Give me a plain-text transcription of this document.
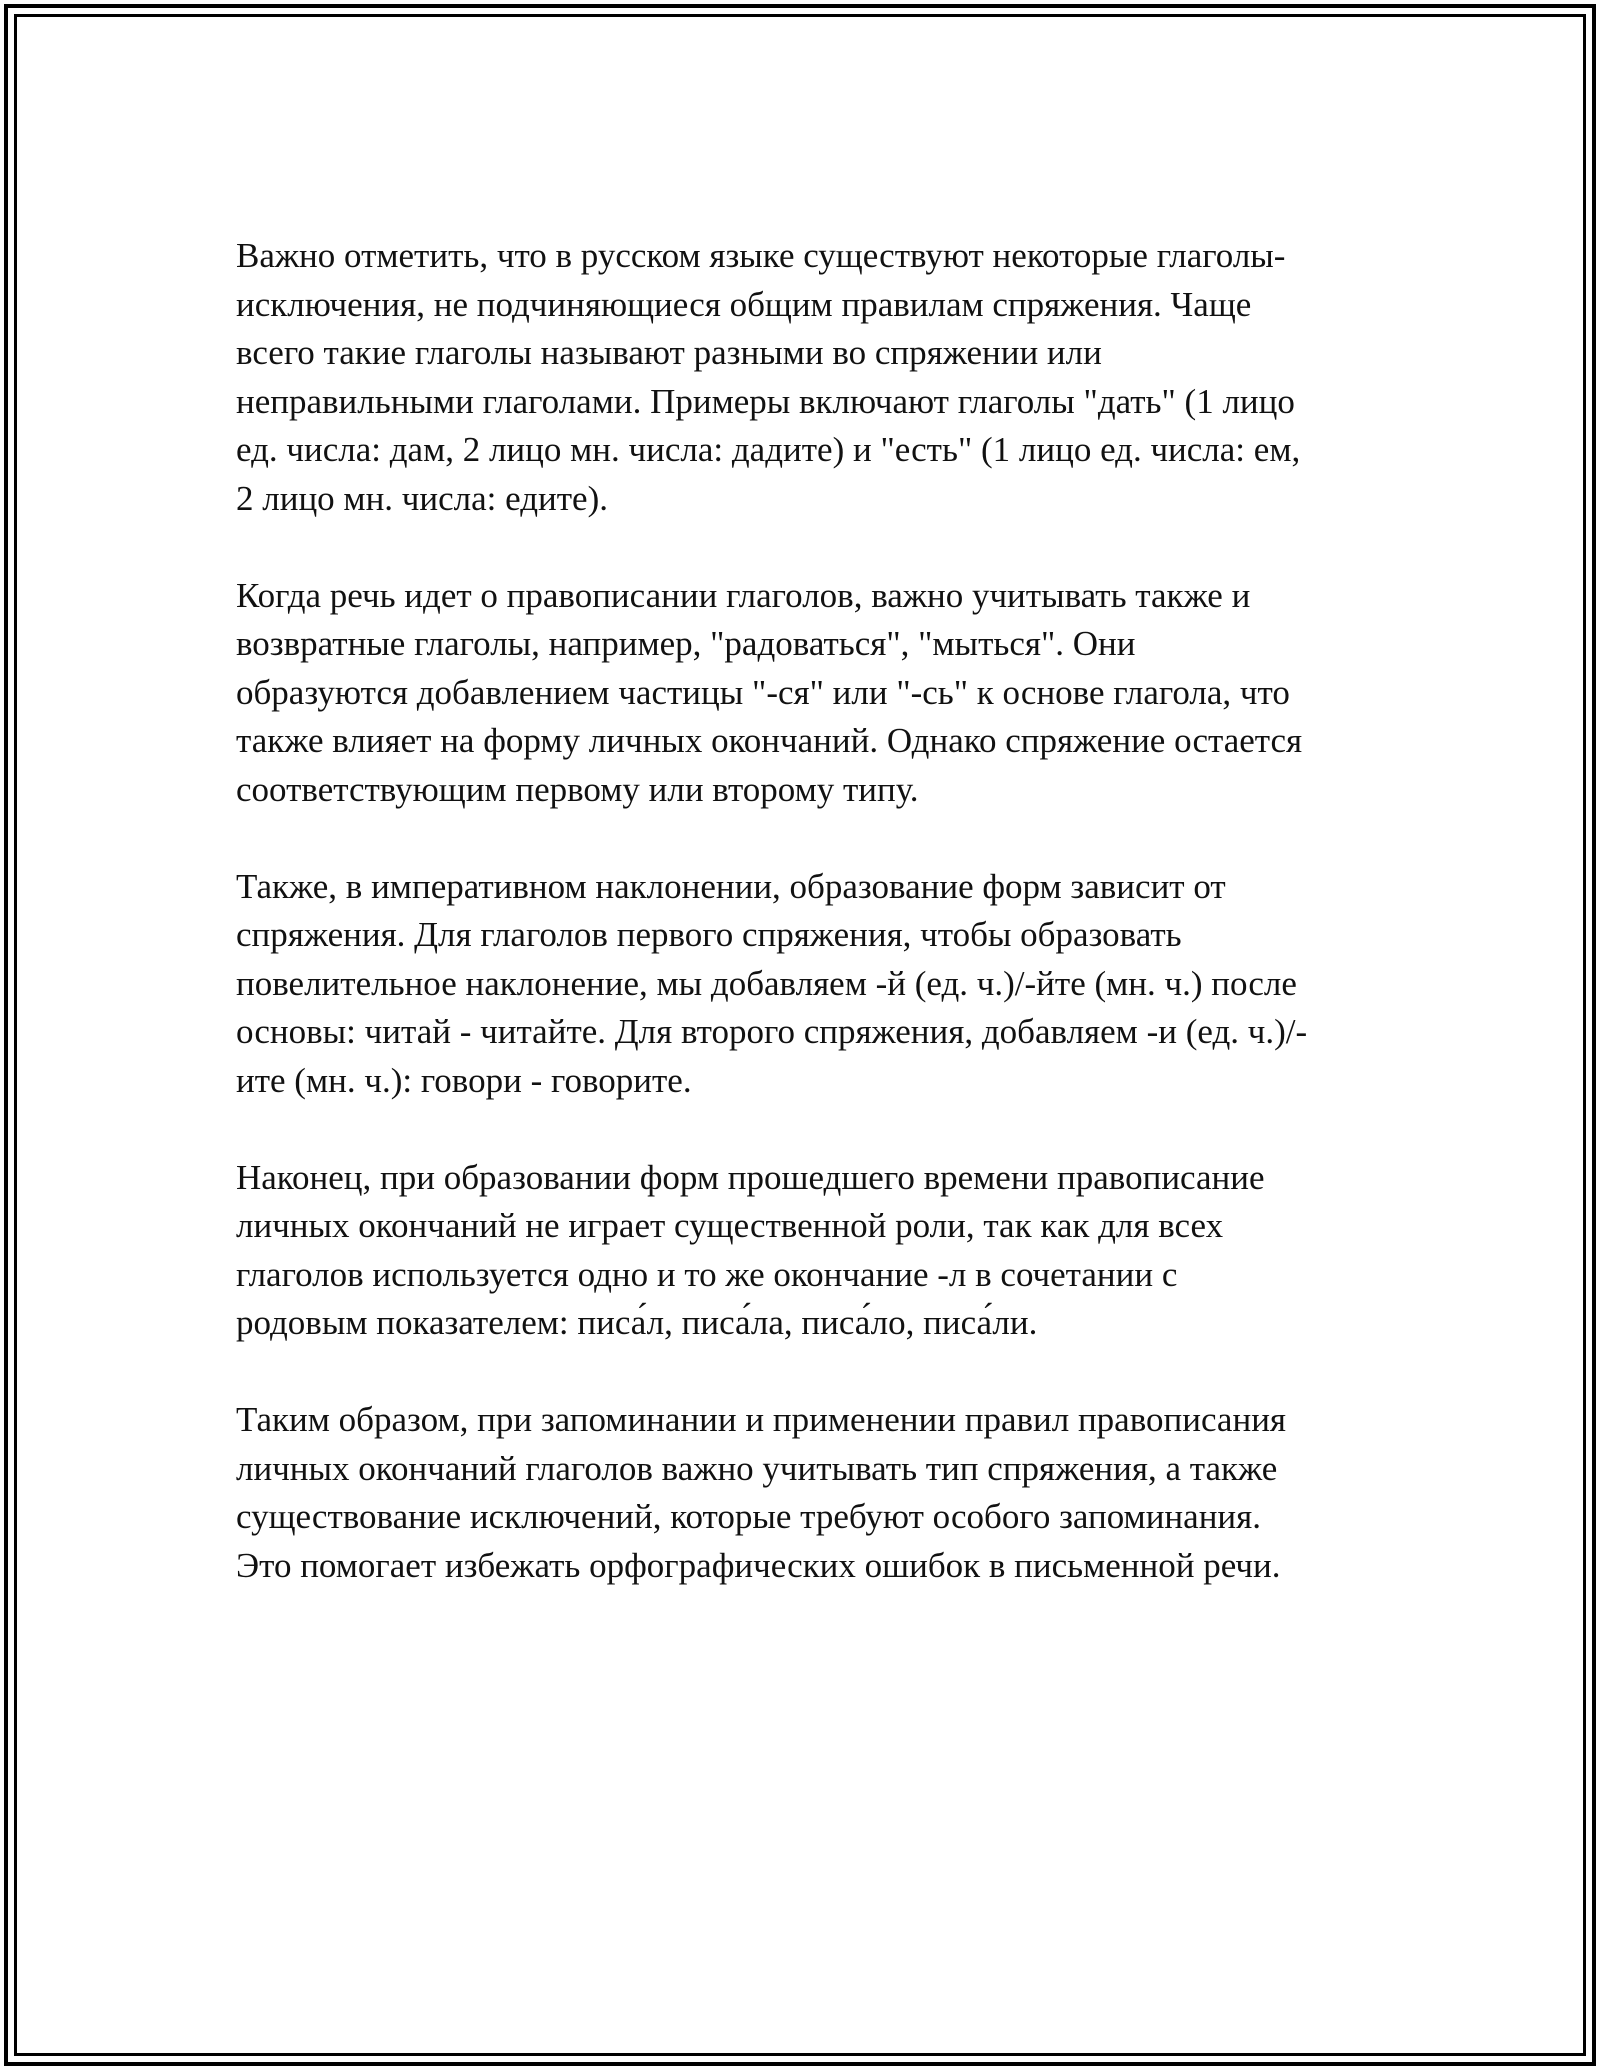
Важно отметить, что в русском языке существуют некоторые глаголы-
исключения, не подчиняющиеся общим правилам спряжения. Чаще
всего такие глаголы называют разными во спряжении или
неправильными глаголами. Примеры включают глаголы "дать" (1 лицо
ед. числа: дам, 2 лицо мн. числа: дадите) и "есть" (1 лицо ед. числа: ем,
2 лицо мн. числа: едите).

Когда речь идет о правописании глаголов, важно учитывать также и
возвратные глаголы, например, "радоваться", "мыться". Они
образуются добавлением частицы "-ся" или "-сь" к основе глагола, что
также влияет на форму личных окончаний. Однако спряжение остается
соответствующим первому или второму типу.

Также, в императивном наклонении, образование форм зависит от
спряжения. Для глаголов первого спряжения, чтобы образовать
повелительное наклонение, мы добавляем -й (ед. ч.)/-йте (мн. ч.) после
основы: читай - читайте. Для второго спряжения, добавляем -и (ед. ч.)/-
ите (мн. ч.): говори - говорите.

Наконец, при образовании форм прошедшего времени правописание
личных окончаний не играет существенной роли, так как для всех
глаголов используется одно и то же окончание -л в сочетании с
родовым показателем: писа́л, писа́ла, писа́ло, писа́ли.

Таким образом, при запоминании и применении правил правописания
личных окончаний глаголов важно учитывать тип спряжения, а также
существование исключений, которые требуют особого запоминания.
Это помогает избежать орфографических ошибок в письменной речи.
